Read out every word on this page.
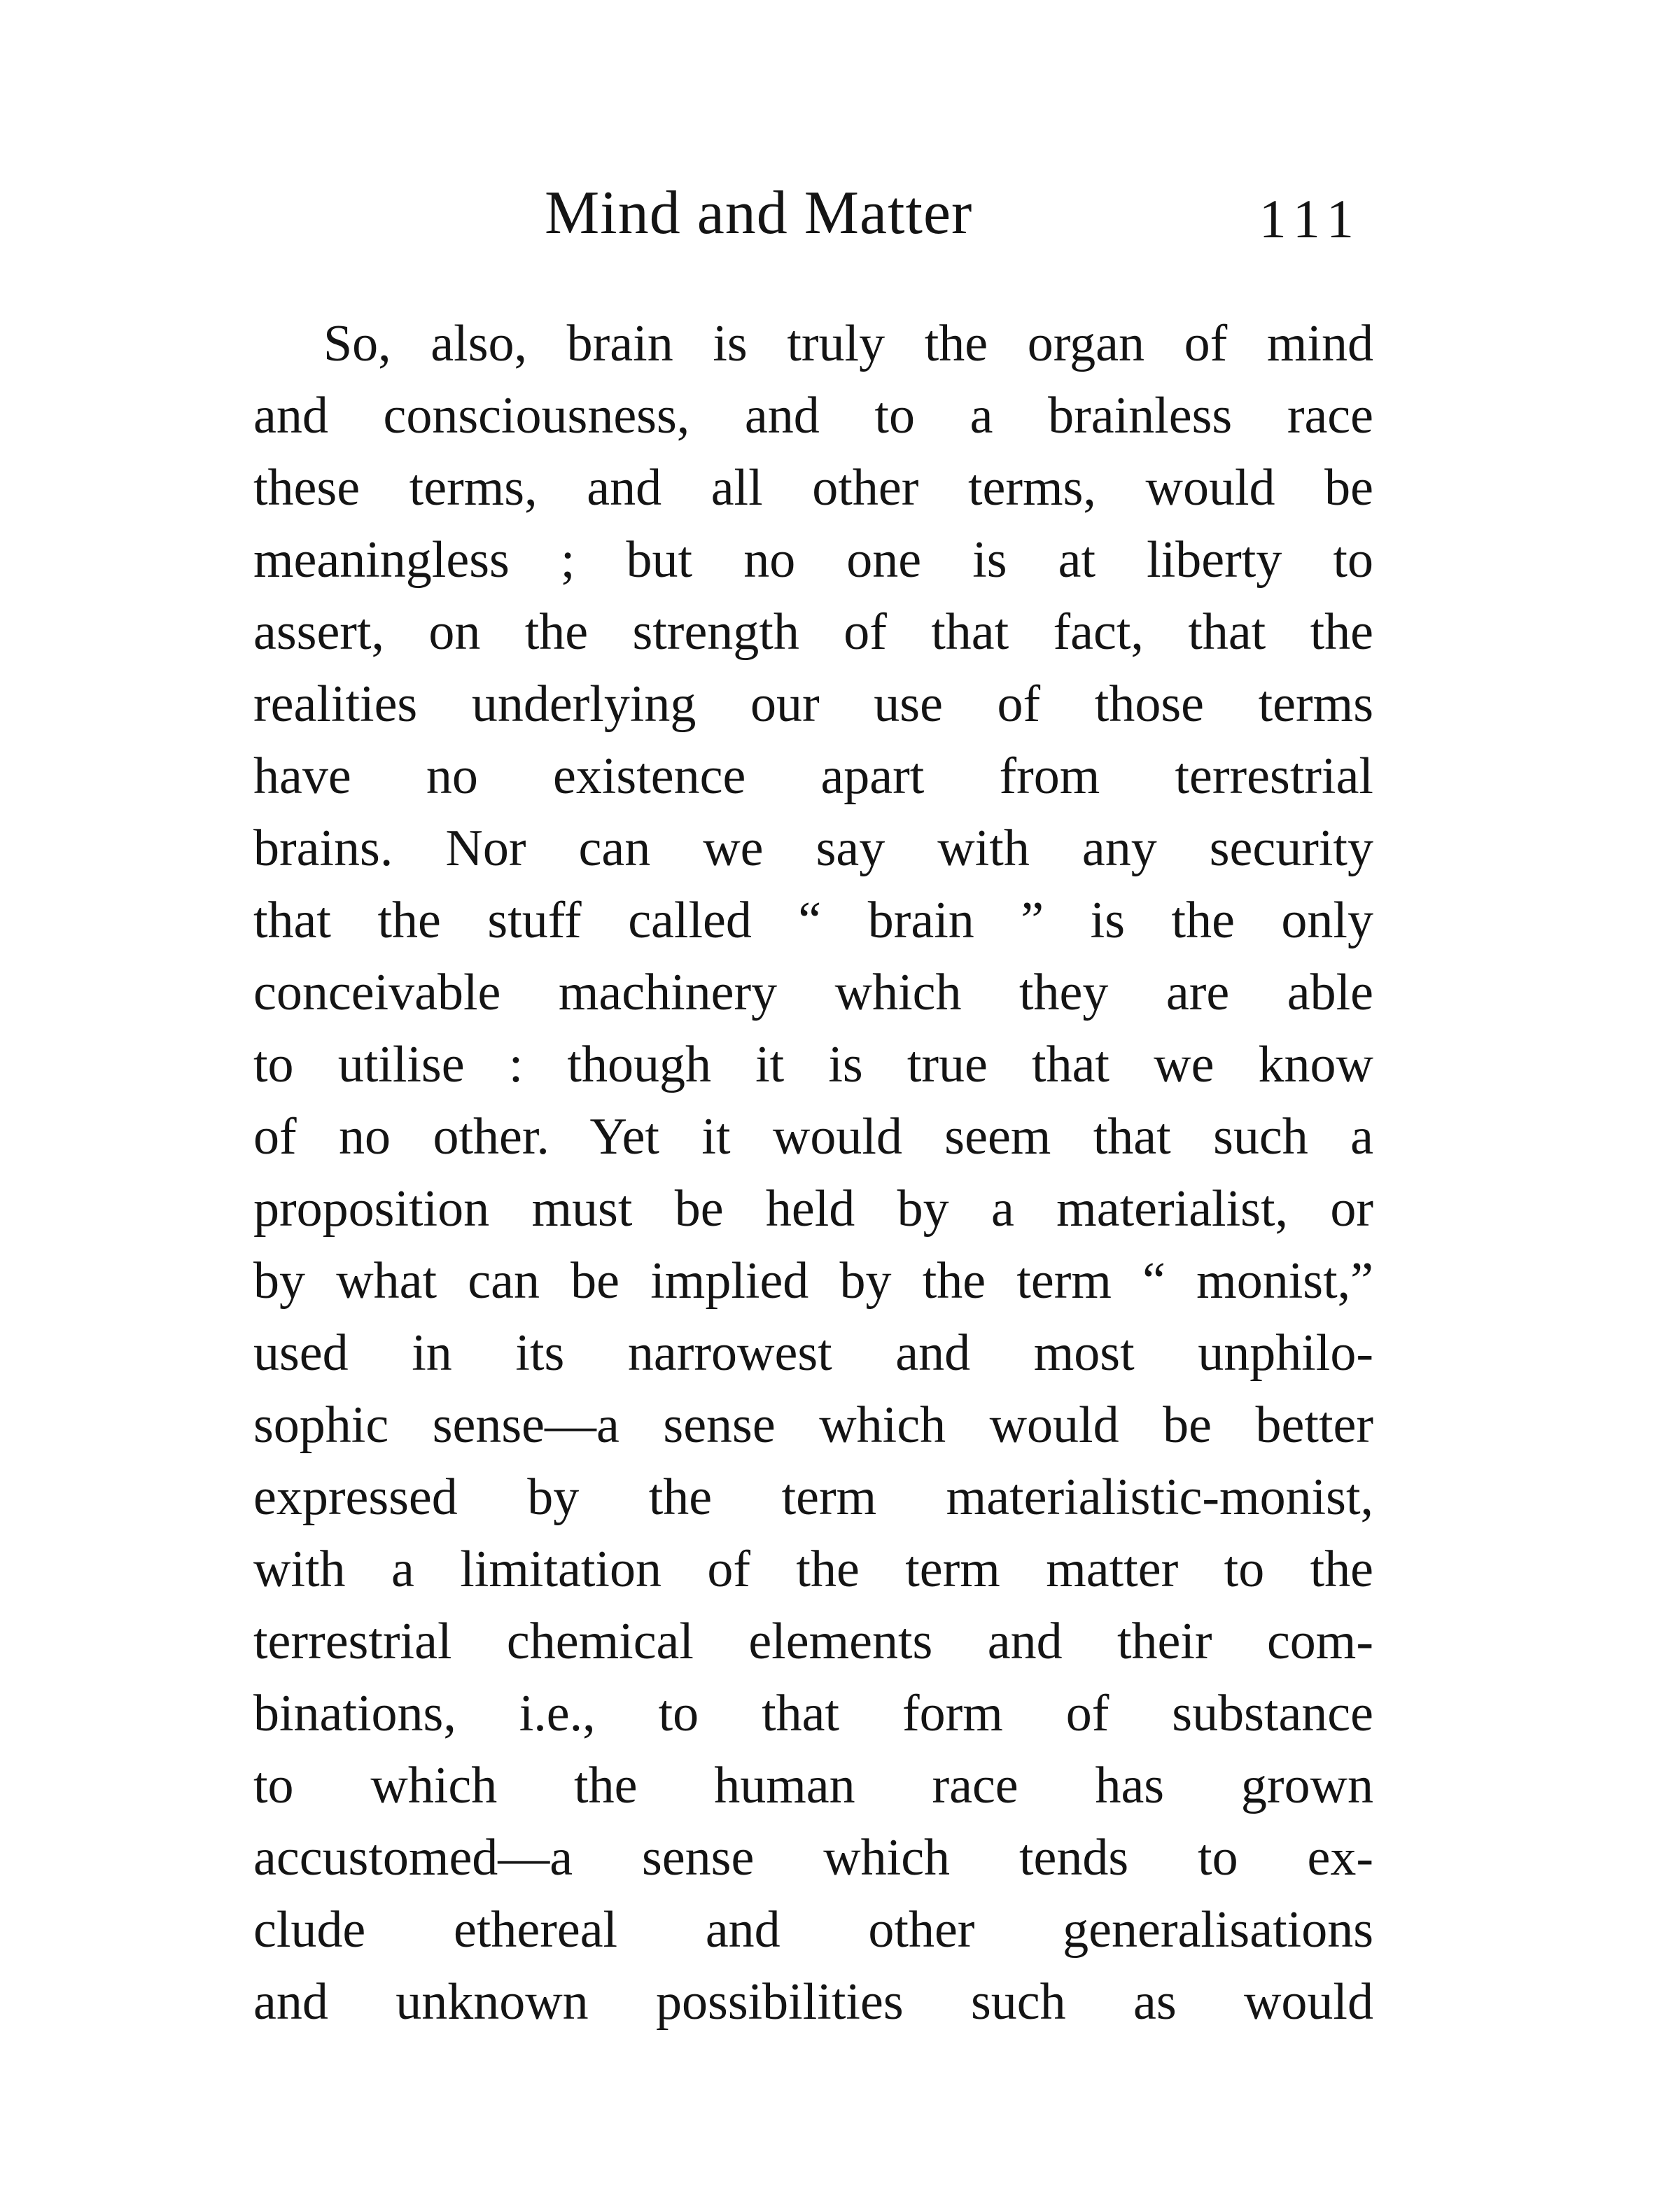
Mind and Matter	111
So, also, brain is truly the organ of mind
and consciousness, and to a brainless race
these terms, and all other terms, would be
meaningless ; but no one is at liberty to
assert, on the strength of that fact, that the
realities underlying our use of those terms
have no existence apart from terrestrial
brains. Nor can we say with any security
that the stuff called “ brain ” is the only
conceivable machinery which they are able
to utilise : though it is true that we know
of no other. Yet it would seem that such a
proposition must be held by a materialist, or
by what can be implied by the term “ monist,”
used in its narrowest and most unphilo-
sophic sense—a sense which would be better
expressed by the term materialistic-monist,
with a limitation of the term matter to the
terrestrial chemical elements and their com-
binations, i.e., to that form of substance
to which the human race has grown
accustomed—a sense which tends to ex-
clude ethereal and other generalisations
and unknown possibilities such as would
